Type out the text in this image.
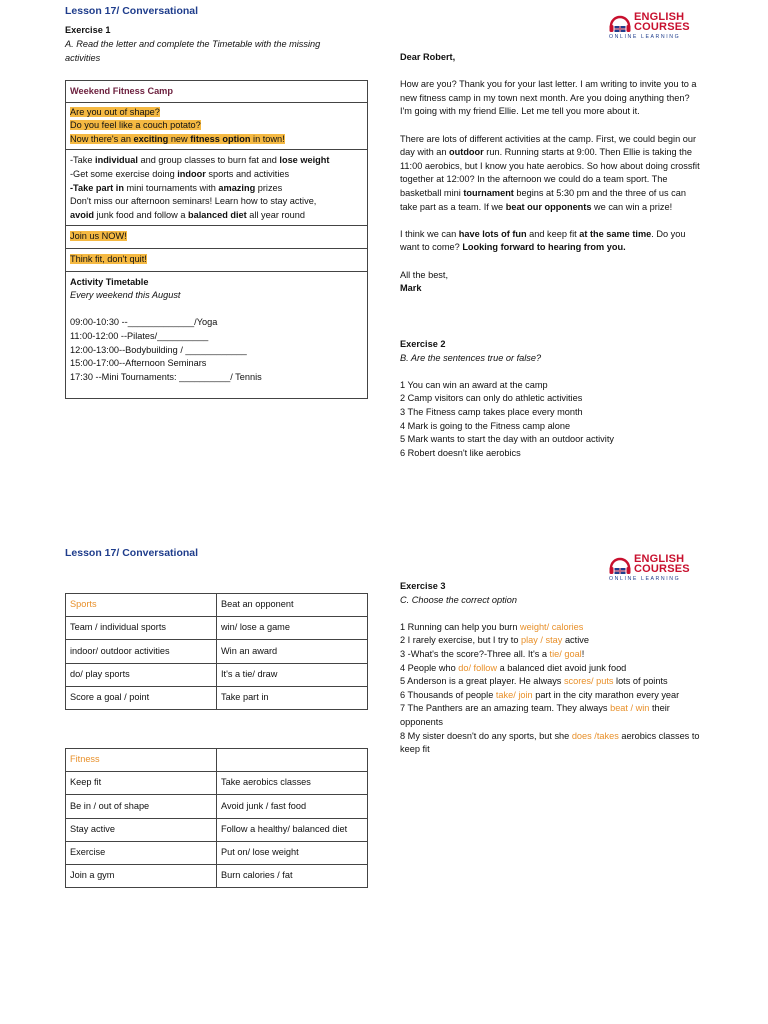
Lesson 17/ Conversational	ENGLISH
COURSES
ONLINE LEARNING
Exercise 1
A. Read the letter and complete the Timetable with the missing activities
Weekend Fitness Camp
Are you out of shape?
Do you feel like a couch potato?
Now there's an exciting new fitness option in town!
-Take individual and group classes to burn fat and lose weight
-Get some exercise doing indoor sports and activities
-Take part in mini tournaments with amazing prizes
Don't miss our afternoon seminars! Learn how to stay active,
avoid junk food and follow a balanced diet all year round
Join us NOW!
Think fit, don't quit!
Activity Timetable
Every weekend this August
09:00-10:30 --_____________/Yoga
11:00-12:00 --Pilates/__________
12:00-13:00--Bodybuilding / ____________
15:00-17:00--Afternoon Seminars
17:30 --Mini Tournaments: __________/ Tennis

Dear Robert,

How are you? Thank you for your last letter. I am writing to invite you to a new fitness camp in my town next month. Are you doing anything then? I'm going with my friend Ellie. Let me tell you more about it.

There are lots of different activities at the camp. First, we could begin our day with an outdoor run. Running starts at 9:00. Then Ellie is taking the 11:00 aerobics, but I know you hate aerobics. So how about doing crossfit together at 12:00? In the afternoon we could do a team sport. The basketball mini tournament begins at 5:30 pm and the three of us can take part as a team. If we beat our opponents we can win a prize!

I think we can have lots of fun and keep fit at the same time. Do you want to come? Looking forward to hearing from you.

All the best,
Mark
Exercise 2
B. Are the sentences true or false?
1 You can win an award at the camp
2 Camp visitors can only do athletic activities
3 The Fitness camp takes place every month
4 Mark is going to the Fitness camp alone
5 Mark wants to start the day with an outdoor activity
6 Robert doesn't like aerobics
Lesson 17/ Conversational	ENGLISH
COURSES
ONLINE LEARNING
Sports	Beat an opponent
Team / individual sports	win/ lose a game
indoor/ outdoor activities	Win an award
do/ play sports	It's a tie/ draw
Score a goal / point	Take part in
Fitness	
Keep fit	Take aerobics classes
Be in / out of shape	Avoid junk / fast food
Stay active	Follow a healthy/ balanced diet
Exercise	Put on/ lose weight
Join a gym	Burn calories / fat
Exercise 3
C. Choose the correct option
1 Running can help you burn weight/ calories
2 I rarely exercise, but I try to play / stay active
3 -What's the score?-Three all. It's a tie/ goal!
4 People who do/ follow a balanced diet avoid junk food
5 Anderson is a great player. He always scores/ puts lots of points
6 Thousands of people take/ join part in the city marathon every year
7 The Panthers are an amazing team. They always beat / win their opponents
8 My sister doesn't do any sports, but she does /takes aerobics classes to keep fit
